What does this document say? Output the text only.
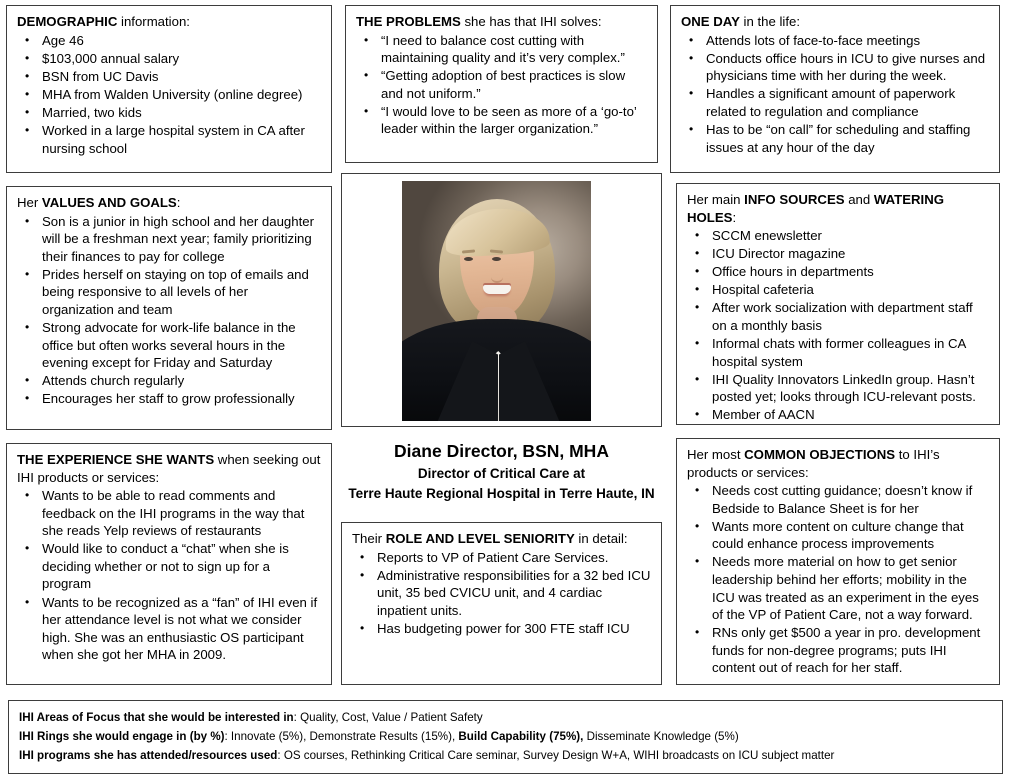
DEMOGRAPHIC information:
• Age 46
• $103,000 annual salary
• BSN from UC Davis
• MHA from Walden University (online degree)
• Married, two kids
• Worked in a large hospital system in CA after nursing school
Her VALUES AND GOALS:
• Son is a junior in high school and her daughter will be a freshman next year; family prioritizing their finances to pay for college
• Prides herself on staying on top of emails and being responsive to all levels of her organization and team
• Strong advocate for work-life balance in the office but often works several hours in the evening except for Friday and Saturday
• Attends church regularly
• Encourages her staff to grow professionally
THE EXPERIENCE SHE WANTS when seeking out IHI products or services:
• Wants to be able to read comments and feedback on the IHI programs in the way that she reads Yelp reviews of restaurants
• Would like to conduct a “chat” when she is deciding whether or not to sign up for a program
• Wants to be recognized as a “fan” of IHI even if her attendance level is not what we consider high. She was an enthusiastic OS participant when she got her MHA in 2009.
THE PROBLEMS she has that IHI solves:
• “I need to balance cost cutting with maintaining quality and it’s very complex.”
• “Getting adoption of best practices is slow and not uniform.”
• “I would love to be seen as more of a ‘go-to’ leader within the larger organization.”
Diane Director, BSN, MHA
Director of Critical Care at
Terre Haute Regional Hospital in Terre Haute, IN
Their ROLE AND LEVEL SENIORITY in detail:
• Reports to VP of Patient Care Services.
• Administrative responsibilities for a 32 bed ICU unit, 35 bed CVICU unit, and 4 cardiac inpatient units.
• Has budgeting power for 300 FTE staff ICU
ONE DAY in the life:
• Attends lots of face-to-face meetings
• Conducts office hours in ICU to give nurses and physicians time with her during the week.
• Handles a significant amount of paperwork related to regulation and compliance
• Has to be “on call” for scheduling and staffing issues at any hour of the day
Her main INFO SOURCES and WATERING HOLES:
• SCCM enewsletter
• ICU Director magazine
• Office hours in departments
• Hospital cafeteria
• After work socialization with department staff on a monthly basis
• Informal chats with former colleagues in CA hospital system
• IHI Quality Innovators LinkedIn group. Hasn’t posted yet; looks through ICU-relevant posts.
• Member of AACN
Her most COMMON OBJECTIONS to IHI’s products or services:
• Needs cost cutting guidance; doesn’t know if Bedside to Balance Sheet is for her
• Wants more content on culture change that could enhance process improvements
• Needs more material on how to get senior leadership behind her efforts; mobility in the ICU was treated as an experiment in the eyes of the VP of Patient Care, not a way forward.
• RNs only get $500 a year in pro. development funds for non-degree programs; puts IHI content out of reach for her staff.
IHI Areas of Focus that she would be interested in: Quality, Cost, Value / Patient Safety
IHI Rings she would engage in (by %): Innovate (5%), Demonstrate Results (15%), Build Capability (75%), Disseminate Knowledge (5%)
IHI programs she has attended/resources used: OS courses, Rethinking Critical Care seminar, Survey Design W+A, WIHI broadcasts on ICU subject matter
